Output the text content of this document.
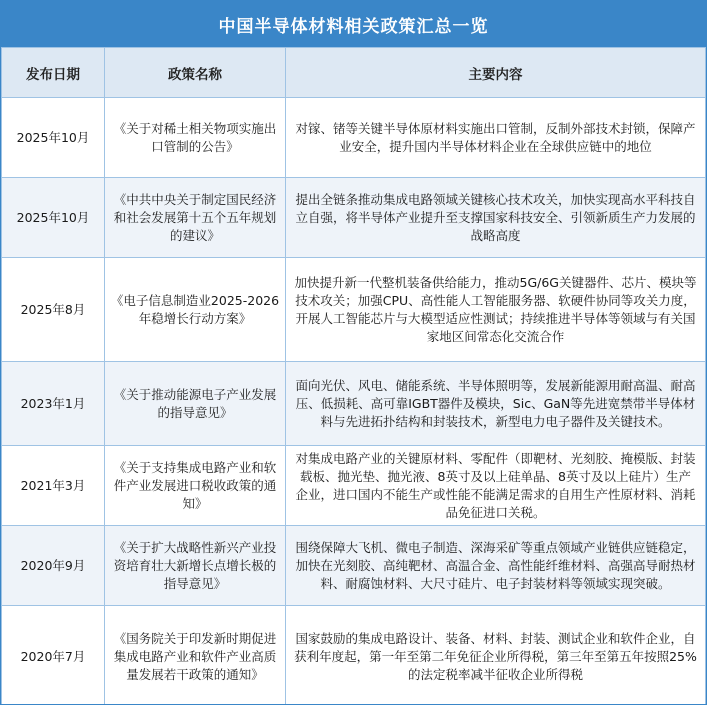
中国半导体材料相关政策汇总一览
发布日期	政策名称	主要内容
2025年10月	《关于对稀土相关物项实施出口管制的公告》	对镓、锗等关键半导体原材料实施出口管制，反制外部技术封锁，保障产业安全，提升国内半导体材料企业在全球供应链中的地位
2025年10月	《中共中央关于制定国民经济和社会发展第十五个五年规划的建议》	提出全链条推动集成电路领域关键核心技术攻关，加快实现高水平科技自立自强，将半导体产业提升至支撑国家科技安全、引领新质生产力发展的战略高度
2025年8月	《电子信息制造业2025-2026年稳增长行动方案》	加快提升新一代整机装备供给能力，推动5G/6G关键器件、芯片、模块等技术攻关；加强CPU、高性能人工智能服务器、软硬件协同等攻关力度，开展人工智能芯片与大模型适应性测试；持续推进半导体等领域与有关国家地区间常态化交流合作
2023年1月	《关于推动能源电子产业发展的指导意见》	面向光伏、风电、储能系统、半导体照明等，发展新能源用耐高温、耐高压、低损耗、高可靠IGBT器件及模块，Sic、GaN等先进宽禁带半导体材料与先进拓扑结构和封装技术，新型电力电子器件及关键技术。
2021年3月	《关于支持集成电路产业和软件产业发展进口税收政策的通知》	对集成电路产业的关键原材料、零配件（即靶材、光刻胶、掩模版、封装载板、抛光垫、抛光液、8英寸及以上硅单晶、8英寸及以上硅片）生产企业，进口国内不能生产或性能不能满足需求的自用生产性原材料、消耗品免征进口关税。
2020年9月	《关于扩大战略性新兴产业投资培育壮大新增长点增长极的指导意见》	围绕保障大飞机、微电子制造、深海采矿等重点领域产业链供应链稳定，加快在光刻胶、高纯靶材、高温合金、高性能纤维材料、高强高导耐热材料、耐腐蚀材料、大尺寸硅片、电子封装材料等领域实现突破。
2020年7月	《国务院关于印发新时期促进集成电路产业和软件产业高质量发展若干政策的通知》	国家鼓励的集成电路设计、装备、材料、封装、测试企业和软件企业，自获利年度起，第一年至第二年免征企业所得税，第三年至第五年按照25%的法定税率减半征收企业所得税
